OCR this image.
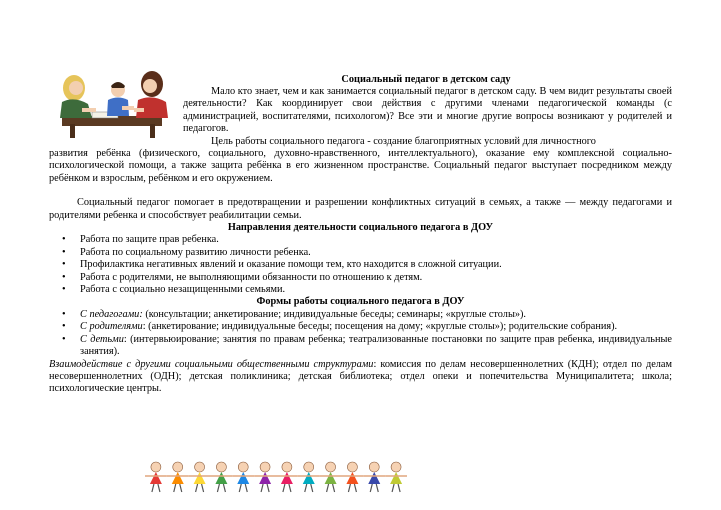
Социальный педагог в детском саду

Мало кто знает, чем и как занимается социальный педагог в детском саду. В чем видит результаты своей деятельности? Как координирует свои действия с другими членами педагогической команды (с администрацией, воспитателями, психологом)? Все эти и многие другие вопросы возникают у родителей и педагогов.

Цель работы социального педагога - создание благоприятных условий для личностного

развития ребёнка (физического, социального, духовно-нравственного, интеллектуального), оказание ему комплексной социально-психологической помощи, а также защита ребёнка в его жизненном пространстве. Социальный педагог выступает посредником между ребёнком и взрослым, ребёнком и его окружением.

Социальный педагог помогает в предотвращении и разрешении конфликтных ситуаций в семьях, а также — между педагогами и родителями ребенка и способствует реабилитации семьи.

Направления деятельности социального педагога в ДОУ

• Работа по защите прав ребенка.
• Работа по социальному развитию личности ребенка.
• Профилактика негативных явлений и оказание помощи тем, кто находится в сложной ситуации.
• Работа с родителями, не выполняющими обязанности по отношению к детям.
• Работа с социально незащищенными семьями.

Формы работы социального педагога в ДОУ

• С педагогами: (консультации; анкетирование; индивидуальные беседы; семинары; «круглые столы»).
• С родителями: (анкетирование; индивидуальные беседы; посещения на дому; «круглые столы»); родительские собрания).
• С детьми: (интервьюирование; занятия по правам ребенка; театрализованные постановки по защите прав ребенка, индивидуальные занятия).

Взаимодействие с другими социальными общественными структурами: комиссия по делам несовершеннолетних (КДН); отдел по делам несовершеннолетних (ОДН); детская поликлиника; детская библиотека; отдел опеки и попечительства Муниципалитета; школа; психологические центры.
